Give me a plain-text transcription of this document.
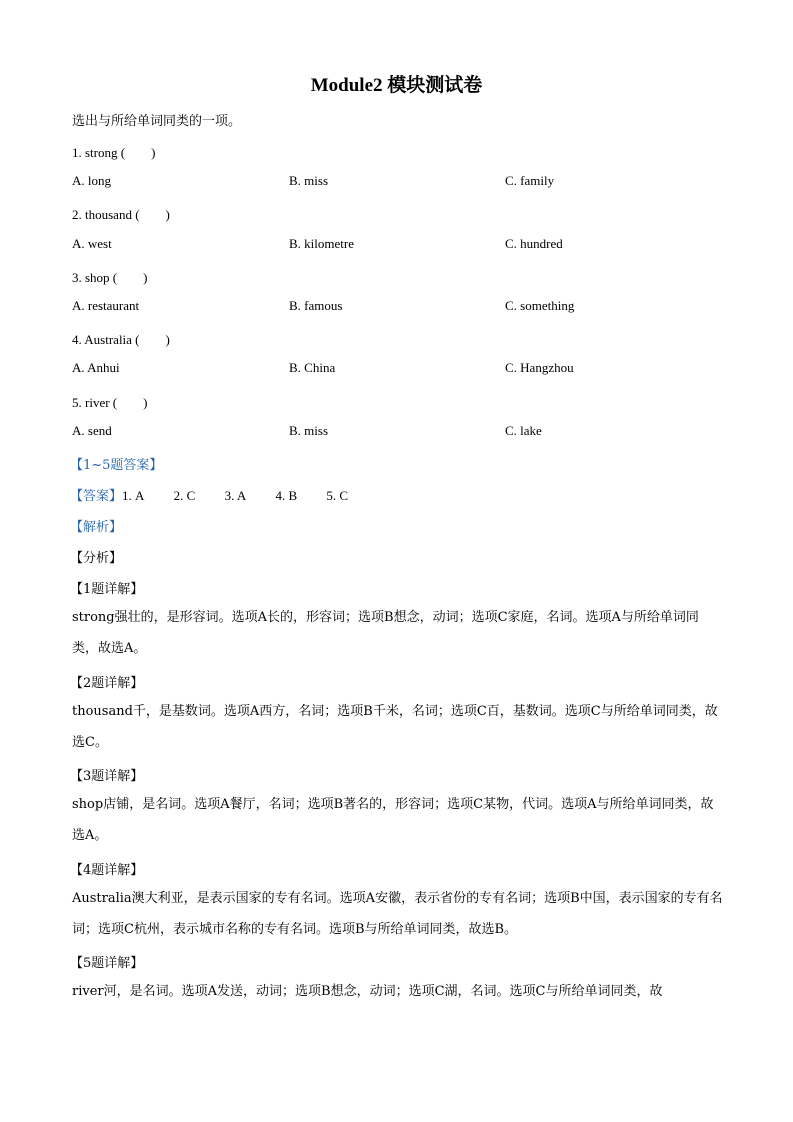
Module2 模块测试卷
选出与所给单词同类的一项。
1. strong (　　)
A. long	B. miss	C. family
2. thousand (　　)
A. west	B. kilometre	C. hundred
3. shop (　　)
A. restaurant	B. famous	C. something
4. Australia (　　)
A. Anhui	B. China	C. Hangzhou
5. river (　　)
A. send	B. miss	C. lake
【1~5题答案】
【答案】1. A   2. C   3. A   4. B   5. C
【解析】
【分析】
【1题详解】
strong强壮的，是形容词。选项A长的，形容词；选项B想念，动词；选项C家庭，名词。选项A与所给单词同类，故选A。
【2题详解】
thousand千，是基数词。选项A西方，名词；选项B千米，名词；选项C百，基数词。选项C与所给单词同类，故选C。
【3题详解】
shop店铺，是名词。选项A餐厅，名词；选项B著名的，形容词；选项C某物，代词。选项A与所给单词同类，故选A。
【4题详解】
Australia澳大利亚，是表示国家的专有名词。选项A安徽，表示省份的专有名词；选项B中国，表示国家的专有名词；选项C杭州，表示城市名称的专有名词。选项B与所给单词同类，故选B。
【5题详解】
river河，是名词。选项A发送，动词；选项B想念，动词；选项C湖，名词。选项C与所给单词同类，故
